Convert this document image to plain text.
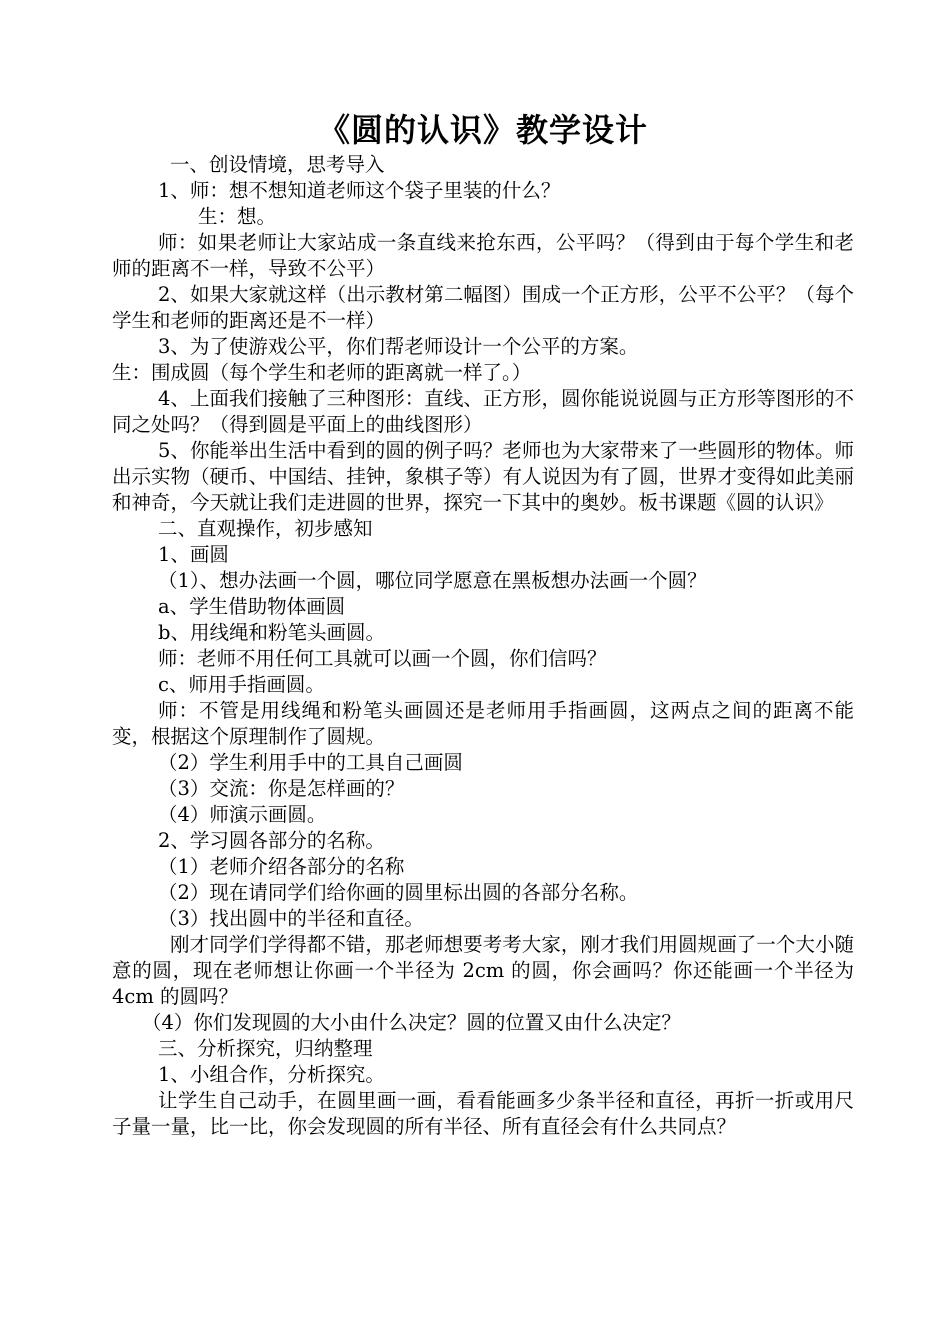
《圆的认识》教学设计

一、创设情境，思考导入

1、师：想不想知道老师这个袋子里装的什么？

生：想。

师：如果老师让大家站成一条直线来抢东西，公平吗？（得到由于每个学生和老师的距离不一样，导致不公平）

2、如果大家就这样（出示教材第二幅图）围成一个正方形，公平不公平？（每个学生和老师的距离还是不一样）

3、为了使游戏公平，你们帮老师设计一个公平的方案。

生：围成圆（每个学生和老师的距离就一样了。）

4、上面我们接触了三种图形：直线、正方形，圆你能说说圆与正方形等图形的不同之处吗？（得到圆是平面上的曲线图形）

5、你能举出生活中看到的圆的例子吗？老师也为大家带来了一些圆形的物体。师出示实物（硬币、中国结、挂钟，象棋子等）有人说因为有了圆，世界才变得如此美丽和神奇，今天就让我们走进圆的世界，探究一下其中的奥妙。板书课题《圆的认识》

二、直观操作，初步感知

1、画圆

（1）、想办法画一个圆，哪位同学愿意在黑板想办法画一个圆？

a、学生借助物体画圆

b、用线绳和粉笔头画圆。

师：老师不用任何工具就可以画一个圆，你们信吗？

c、师用手指画圆。

师：不管是用线绳和粉笔头画圆还是老师用手指画圆，这两点之间的距离不能变，根据这个原理制作了圆规。

（2）学生利用手中的工具自己画圆

（3）交流：你是怎样画的？

（4）师演示画圆。

2、学习圆各部分的名称。

（1）老师介绍各部分的名称

（2）现在请同学们给你画的圆里标出圆的各部分名称。

（3）找出圆中的半径和直径。

刚才同学们学得都不错，那老师想要考考大家，刚才我们用圆规画了一个大小随意的圆，现在老师想让你画一个半径为 2cm 的圆，你会画吗？你还能画一个半径为 4cm 的圆吗？

（4）你们发现圆的大小由什么决定？圆的位置又由什么决定？

三、分析探究，归纳整理

1、小组合作，分析探究。

让学生自己动手，在圆里画一画，看看能画多少条半径和直径，再折一折或用尺子量一量，比一比，你会发现圆的所有半径、所有直径会有什么共同点？
